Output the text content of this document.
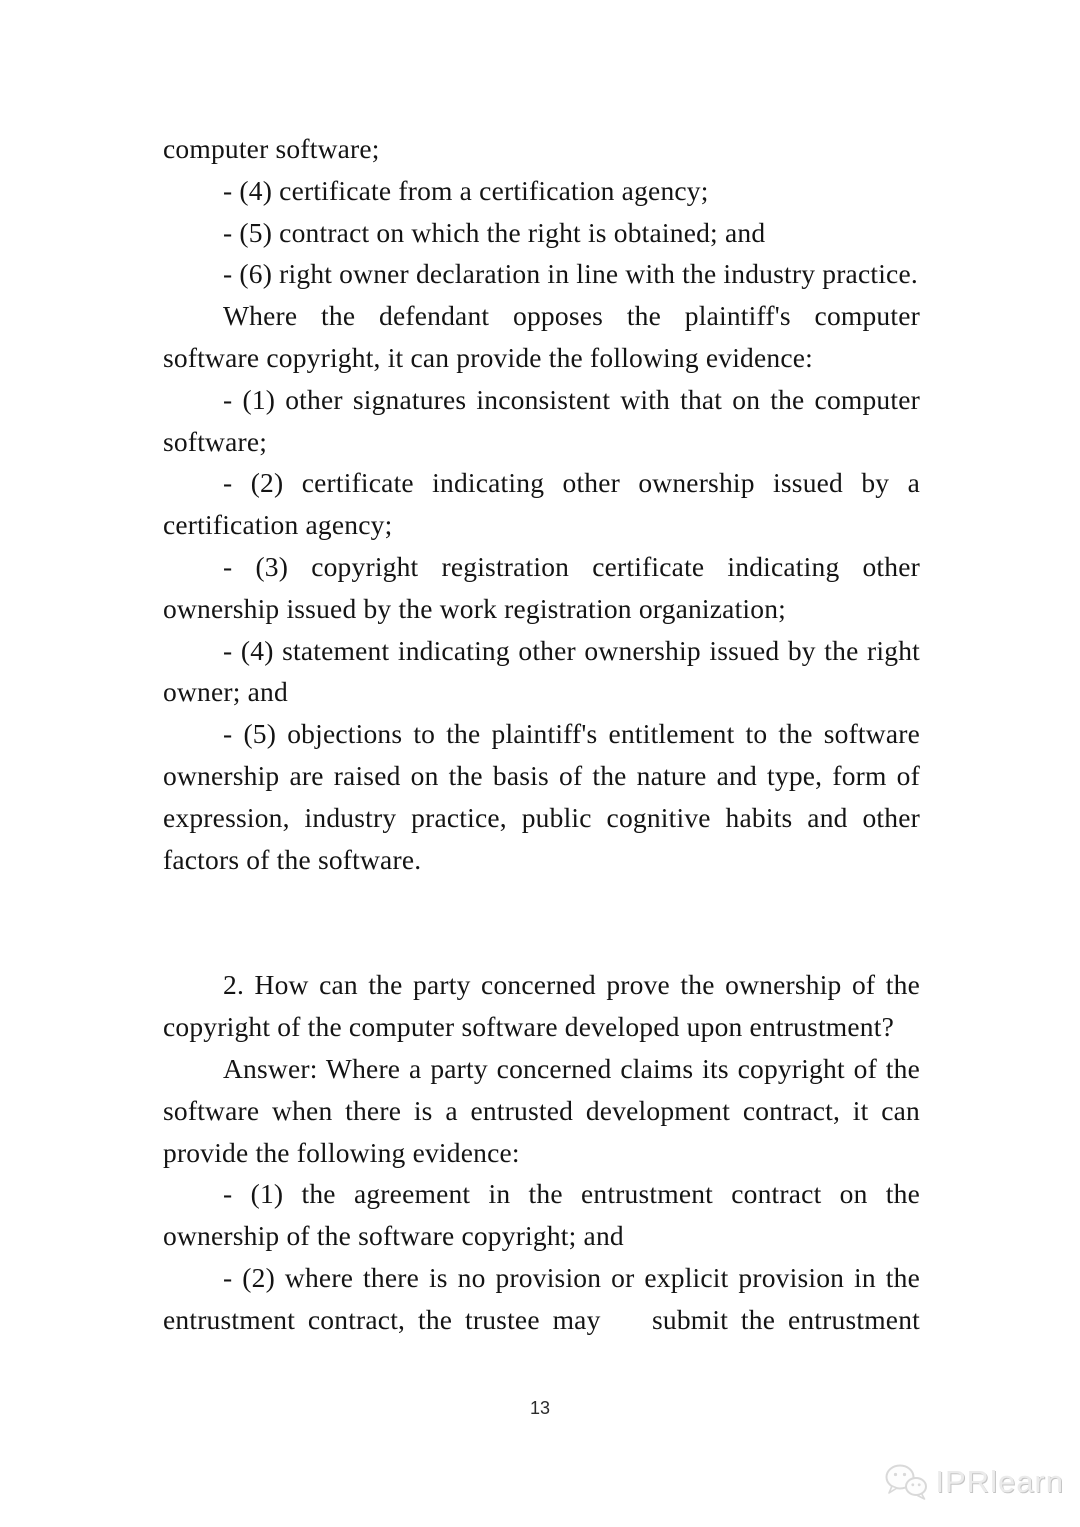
computer software;

- (4) certificate from a certification agency;

- (5) contract on which the right is obtained; and

- (6) right owner declaration in line with the industry practice.

Where the defendant opposes the plaintiff's computer software copyright, it can provide the following evidence:

- (1) other signatures inconsistent with that on the computer software;

- (2) certificate indicating other ownership issued by a certification agency;

- (3) copyright registration certificate indicating other ownership issued by the work registration organization;

- (4) statement indicating other ownership issued by the right owner; and

- (5) objections to the plaintiff's entitlement to the software ownership are raised on the basis of the nature and type, form of expression, industry practice, public cognitive habits and other factors of the software.

2. How can the party concerned prove the ownership of the copyright of the computer software developed upon entrustment?

Answer: Where a party concerned claims its copyright of the software when there is a entrusted development contract, it can provide the following evidence:

- (1) the agreement in the entrustment contract on the ownership of the software copyright; and

- (2) where there is no provision or explicit provision in the entrustment contract, the trustee may    submit the entrustment

13
IPRlearn
